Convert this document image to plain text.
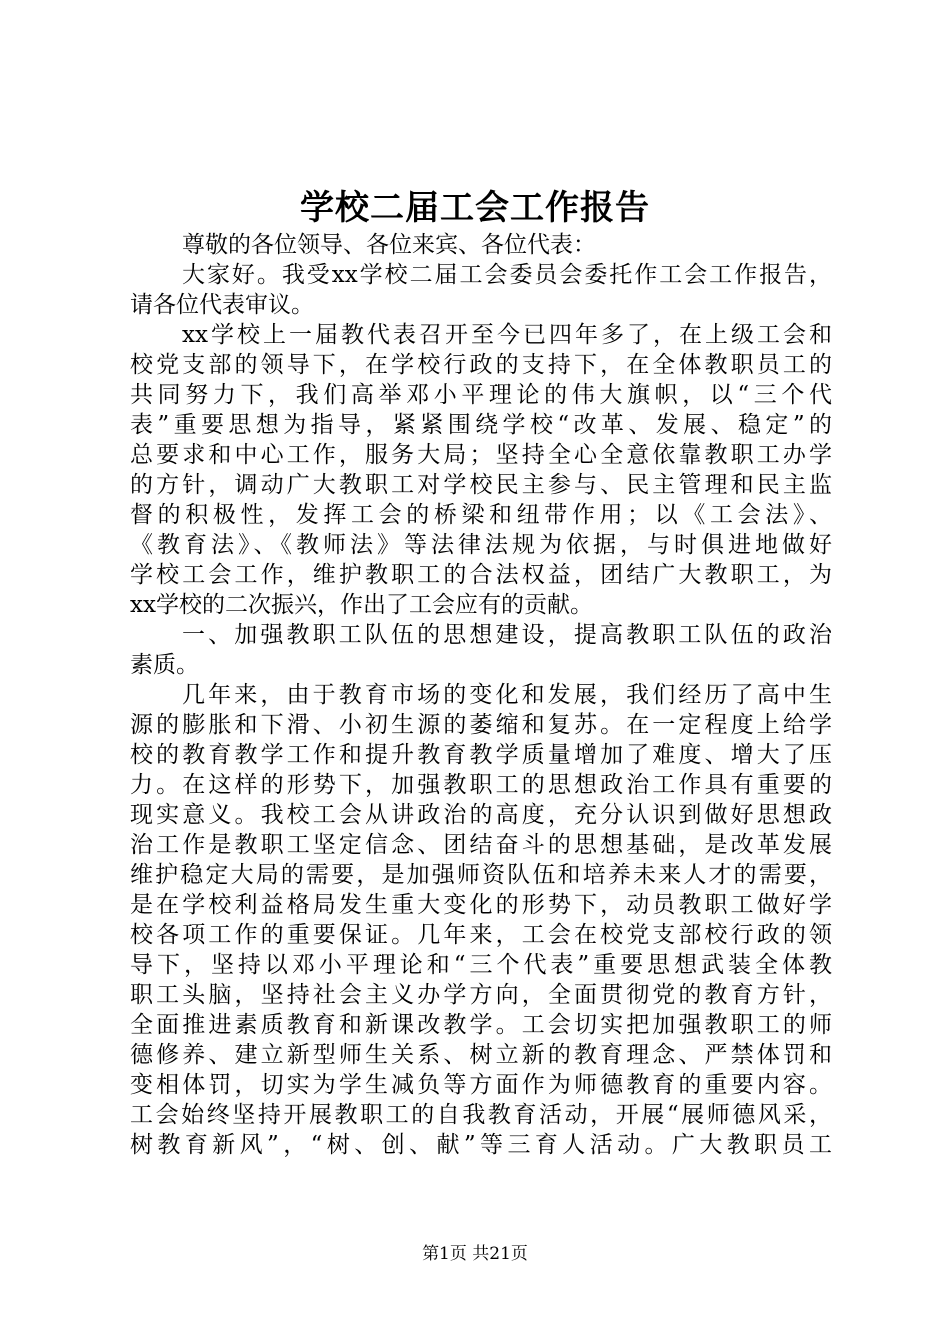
学校二届工会工作报告
尊敬的各位领导、各位来宾、各位代表：
大家好。我受xx学校二届工会委员会委托作工会工作报告，
请各位代表审议。
xx学校上一届教代表召开至今已四年多了，在上级工会和
校党支部的领导下，在学校行政的支持下，在全体教职员工的
共同努力下，我们高举邓小平理论的伟大旗帜，以“三个代
表”重要思想为指导，紧紧围绕学校“改革、发展、稳定”的
总要求和中心工作，服务大局；坚持全心全意依靠教职工办学
的方针，调动广大教职工对学校民主参与、民主管理和民主监
督的积极性，发挥工会的桥梁和纽带作用；以《工会法》、
《教育法》、《教师法》等法律法规为依据，与时俱进地做好
学校工会工作，维护教职工的合法权益，团结广大教职工，为
xx学校的二次振兴，作出了工会应有的贡献。
一、加强教职工队伍的思想建设，提高教职工队伍的政治
素质。
几年来，由于教育市场的变化和发展，我们经历了高中生
源的膨胀和下滑、小初生源的萎缩和复苏。在一定程度上给学
校的教育教学工作和提升教育教学质量增加了难度、增大了压
力。在这样的形势下，加强教职工的思想政治工作具有重要的
现实意义。我校工会从讲政治的高度，充分认识到做好思想政
治工作是教职工坚定信念、团结奋斗的思想基础，是改革发展
维护稳定大局的需要，是加强师资队伍和培养未来人才的需要，
是在学校利益格局发生重大变化的形势下，动员教职工做好学
校各项工作的重要保证。几年来，工会在校党支部校行政的领
导下，坚持以邓小平理论和“三个代表”重要思想武装全体教
职工头脑，坚持社会主义办学方向，全面贯彻党的教育方针，
全面推进素质教育和新课改教学。工会切实把加强教职工的师
德修养、建立新型师生关系、树立新的教育理念、严禁体罚和
变相体罚，切实为学生减负等方面作为师德教育的重要内容。
工会始终坚持开展教职工的自我教育活动，开展“展师德风采，
树教育新风”，“树、创、献”等三育人活动。广大教职员工
第1页 共21页
